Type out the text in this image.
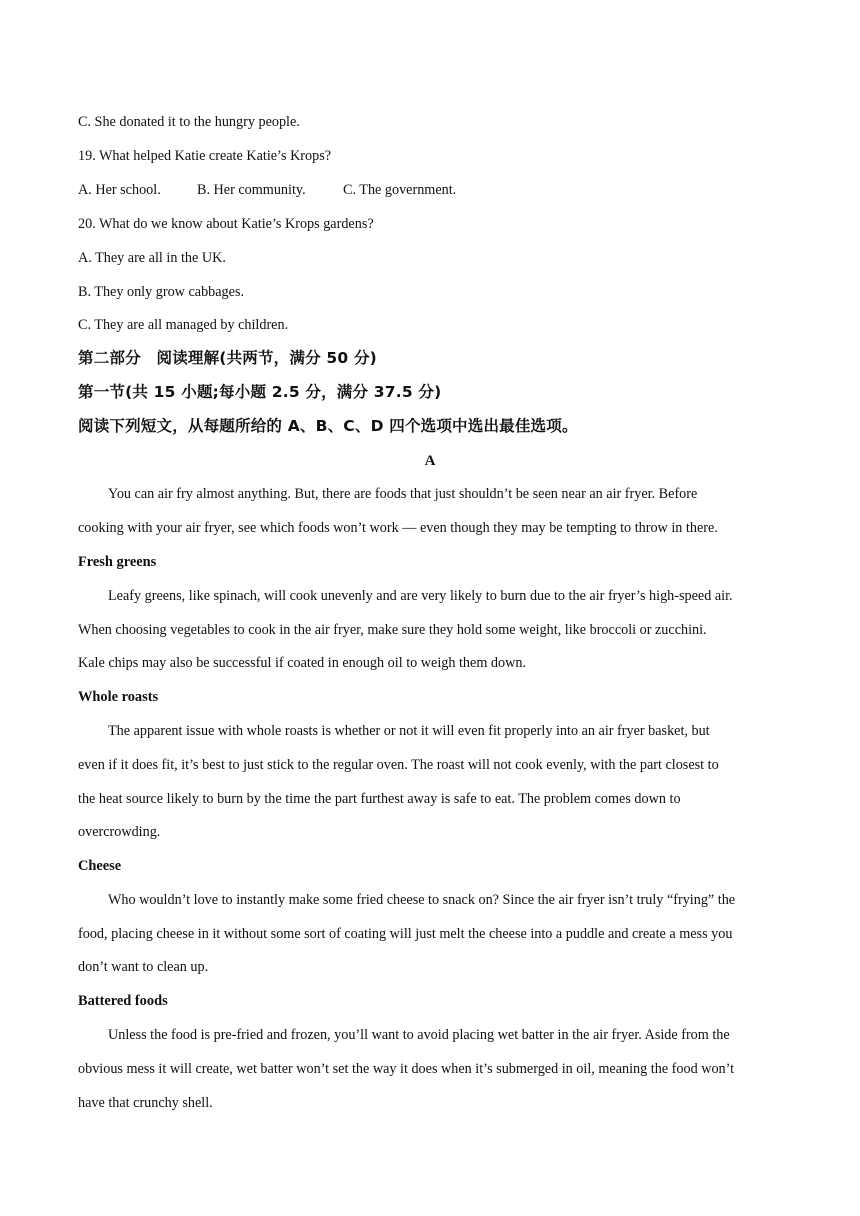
C. She donated it to the hungry people.
19. What helped Katie create Katie’s Krops?
A. Her school.	B. Her community.	C. The government.
20. What do we know about Katie’s Krops gardens?
A. They are all in the UK.
B. They only grow cabbages.
C. They are all managed by children.
第二部分　阅读理解(共两节，满分 50 分)
第一节(共 15 小题;每小题 2.5 分，满分 37.5 分)
阅读下列短文，从每题所给的 A、B、C、D 四个选项中选出最佳选项。
A
You can air fry almost anything. But, there are foods that just shouldn’t be seen near an air fryer. Before
cooking with your air fryer, see which foods won’t work — even though they may be tempting to throw in there.
Fresh greens
Leafy greens, like spinach, will cook unevenly and are very likely to burn due to the air fryer’s high-speed air.
When choosing vegetables to cook in the air fryer, make sure they hold some weight, like broccoli or zucchini.
Kale chips may also be successful if coated in enough oil to weigh them down.
Whole roasts
The apparent issue with whole roasts is whether or not it will even fit properly into an air fryer basket, but
even if it does fit, it’s best to just stick to the regular oven. The roast will not cook evenly, with the part closest to
the heat source likely to burn by the time the part furthest away is safe to eat. The problem comes down to
overcrowding.
Cheese
Who wouldn’t love to instantly make some fried cheese to snack on? Since the air fryer isn’t truly “frying” the
food, placing cheese in it without some sort of coating will just melt the cheese into a puddle and create a mess you
don’t want to clean up.
Battered foods
Unless the food is pre-fried and frozen, you’ll want to avoid placing wet batter in the air fryer. Aside from the
obvious mess it will create, wet batter won’t set the way it does when it’s submerged in oil, meaning the food won’t
have that crunchy shell.
